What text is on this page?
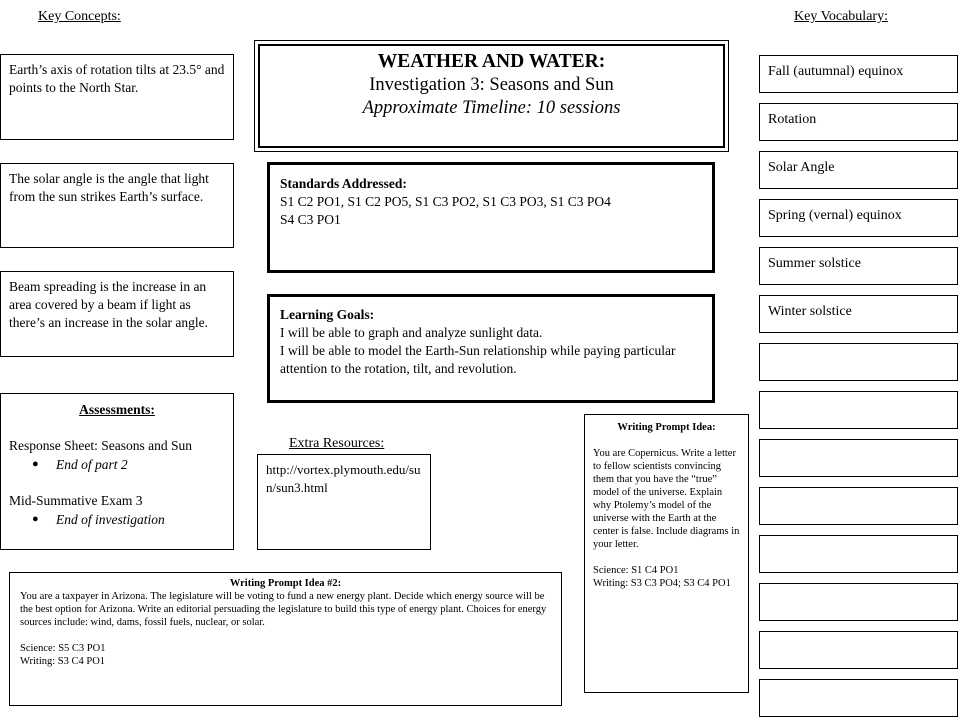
Key Concepts:	Key Vocabulary:
Earth’s axis of rotation tilts at 23.5° and points to the North Star.
The solar angle is the angle that light from the sun strikes Earth’s surface.
Beam spreading is the increase in an area covered by a beam if light as there’s an increase in the solar angle.
WEATHER AND WATER:
Investigation 3: Seasons and Sun
Approximate Timeline: 10 sessions
Standards Addressed:
S1 C2 PO1, S1 C2 PO5, S1 C3 PO2, S1 C3 PO3, S1 C3 PO4
S4 C3 PO1
Learning Goals:
I will be able to graph and analyze sunlight data.
I will be able to model the Earth-Sun relationship while paying particular attention to the rotation, tilt, and revolution.
Assessments:
Response Sheet: Seasons and Sun
● End of part 2
Mid-Summative Exam 3
● End of investigation
Extra Resources:
http://vortex.plymouth.edu/sun/sun3.html
Writing Prompt Idea:
You are Copernicus. Write a letter to fellow scientists convincing them that you have the “true” model of the universe. Explain why Ptolemy’s model of the universe with the Earth at the center is false. Include diagrams in your letter.
Science: S1 C4 PO1
Writing: S3 C3 PO4; S3 C4 PO1
Writing Prompt Idea #2:
You are a taxpayer in Arizona. The legislature will be voting to fund a new energy plant. Decide which energy source will be the best option for Arizona. Write an editorial persuading the legislature to build this type of energy plant. Choices for energy sources include: wind, dams, fossil fuels, nuclear, or solar.
Science: S5 C3 PO1
Writing: S3 C4 PO1
Fall (autumnal) equinox
Rotation
Solar Angle
Spring (vernal) equinox
Summer solstice
Winter solstice
